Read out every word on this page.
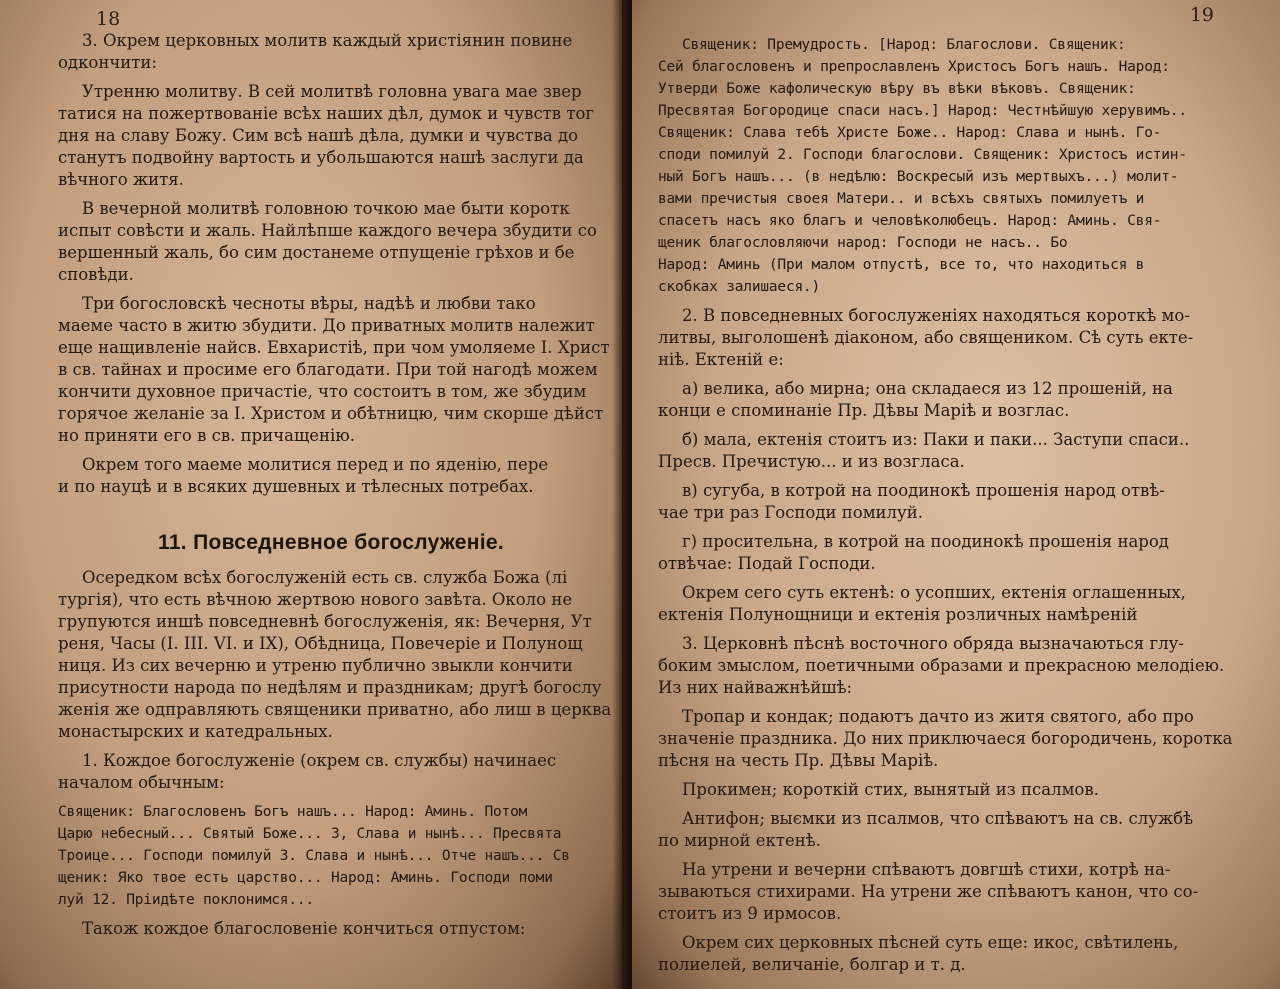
18

3. Окрем церковных молитв каждый христіянин повине
одкончити:
Утренню молитву. В сей молитвѣ головна увага мае звер
татися на пожертвованіе всѣх наших дѣл, думок и чувств тог
дня на славу Божу. Сим всѣ нашѣ дѣла, думки и чувства до
станутъ подвойну вартость и убольшаются нашѣ заслуги да
вѣчного житя.
В вечерной молитвѣ головною точкою мае быти коротк
испыт совѣсти и жаль. Найлѣпше каждого вечера збудити со
вершенный жаль, бо сим достанеме отпущеніе грѣхов и бе
сповѣди.
Три богословскѣ чесноты вѣры, надѣѣ и любви тако
маеме часто в житю збудити. До приватных молитв належит
еще нащивленіе найсв. Евхаристіѣ, при чом умоляеме І. Христ
в св. тайнах и просиме его благодати. При той нагодѣ можем
кончити духовное причастіе, что состоитъ в том, же збудим
горячое желаніе за І. Христом и обѣтницю, чим скорше дѣйст
но приняти его в св. причащенію.
Окрем того маеме молитися перед и по яденію, пере
и по науцѣ и в всяких душевных и тѣлесных потребах.
11. Повседневное богослуженіе.
Осередком всѣх богослуженій есть св. служба Божа (лі
тургія), что есть вѣчною жертвою нового завѣта. Около не
групуются иншѣ повседневнѣ богослуженія, як: Вечерня, Ут
реня, Часы (І. ІІІ. VІ. и ІХ), Обѣдница, Повечеріе и Полунощ
ниця. Из сих вечерню и утреню публично звыкли кончити
присутности народа по недѣлям и праздникам; другѣ богослу
женія же одправляють священики приватно, або лиш в церква
монастырских и катедральных.
1. Кождое богослуженіе (окрем св. службы) начинаес
началом обычным:
Священик: Благословенъ Богъ нашъ... Народ: Аминь. Потом
Царю небесный... Святый Боже... 3, Слава и нынѣ... Пресвята
Троице... Господи помилуй 3. Слава и нынѣ... Отче нашъ... Св
щеник: Яко твое есть царство... Народ: Аминь. Господи поми
луй 12. Пріидѣте поклонимся...
Також кождое благословеніе кончиться отпустом:

19

Священик: Премудрость. [Народ: Благослови. Священик:
Сей благословенъ и препрославленъ Христосъ Богъ нашъ. Народ:
Утверди Боже кафолическую вѣру въ вѣки вѣковъ. Священик:
Пресвятая Богородице спаси насъ.] Народ: Честнѣйшую херувимъ..
Священик: Слава тебѣ Христе Боже.. Народ: Слава и нынѣ. Го-
споди помилуй 2. Господи благослови. Священик: Христосъ истин-
ный Богъ нашъ... (в недѣлю: Воскресый изъ мертвыхъ...) молит-
вами пречистыя своея Матери.. и всѣхъ святыхъ помилуетъ и
спасетъ насъ яко благъ и человѣколюбецъ. Народ: Аминь. Свя-
щеник благословляючи народ: Господи не насъ.. Бо
Народ: Аминь (При малом отпустѣ, все то, что находиться в
скобках залишаеся.)
2. В повседневных богослуженіях находяться короткѣ мо-
литвы, выголошенѣ діаконом, або священиком. Сѣ суть екте-
ніѣ. Ектеній е:
а) велика, або мирна; она складаеся из 12 прошеній, на
конци е споминаніе Пр. Дѣвы Маріѣ и возглас.
б) мала, ектенія стоитъ из: Паки и паки... Заступи спаси..
Пресв. Пречистую... и из возгласа.
в) сугуба, в котрой на поодинокѣ прошенія народ отвѣ-
чае три раз Господи помилуй.
г) просительна, в котрой на поодинокѣ прошенія народ
отвѣчае: Подай Господи.
Окрем сего суть ектенѣ: о усопших, ектенія оглашенных,
ектенія Полунощници и ектенія розличных намѣреній
3. Церковнѣ пѣснѣ восточного обряда вызначаються глу-
боким змыслом, поетичными образами и прекрасною мелодіею.
Из них найважнѣйшѣ:
Тропар и кондак; подаютъ дачто из житя святого, або про
значеніе праздника. До них приключаеся богородичень, коротка
пѣсня на честь Пр. Дѣвы Маріѣ.
Прокимен; короткій стих, вынятый из псалмов.
Антифон; выємки из псалмов, что спѣваютъ на св. службѣ
по мирной ектенѣ.
На утрени и вечерни спѣваютъ довгшѣ стихи, котрѣ на-
зываються стихирами. На утрени же спѣваютъ канон, что со-
стоитъ из 9 ирмосов.
Окрем сих церковных пѣсней суть еще: икос, свѣтилень,
полиелей, величаніе, болгар и т. д.
